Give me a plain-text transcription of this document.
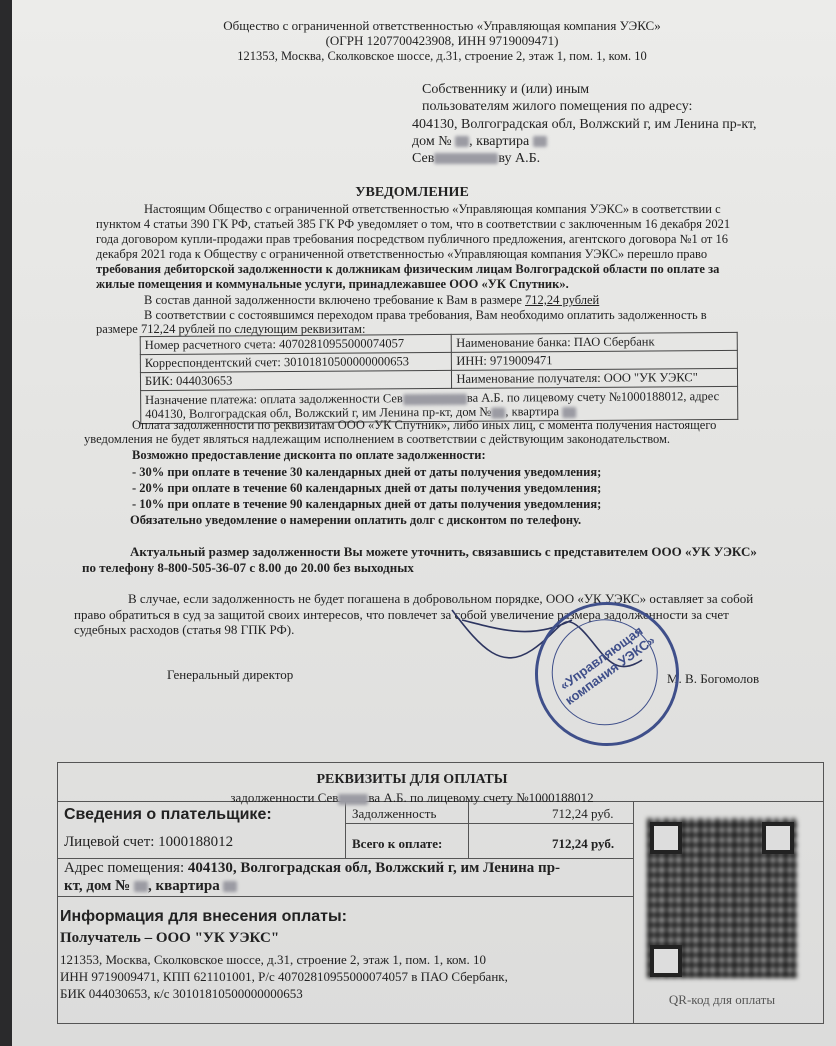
Общество с ограниченной ответственностью «Управляющая компания УЭКС»
(ОГРН 1207700423908, ИНН 9719009471)
121353, Москва, Сколковское шоссе, д.31, строение 2, этаж 1, пом. 1, ком. 10
Собственнику и (или) иным
пользователям жилого помещения по адресу:
404130, Волгоградская обл, Волжский г, им Ленина пр-кт,
дом № , квартира
Сев	ву А.Б.
УВЕДОМЛЕНИЕ
Настоящим Общество с ограниченной ответственностью «Управляющая компания УЭКС» в соответствии с
пунктом 4 статьи 390 ГК РФ, статьей 385 ГК РФ уведомляет о том, что в соответствии с заключенным 16 декабря 2021
года договором купли-продажи прав требования посредством публичного предложения, агентского договора №1 от 16
декабря 2021 года к Обществу с ограниченной ответственностью «Управляющая компания УЭКС» перешло право
требования дебиторской задолженности к должникам физическим лицам Волгоградской области по оплате за
жилые помещения и коммунальные услуги, принадлежавшее ООО «УК Спутник».
В состав данной задолженности включено требование к Вам в размере 712,24 рублей
В соответствии с состоявшимся переходом права требования, Вам необходимо оплатить задолженность в
размере 712,24 рублей по следующим реквизитам:
Номер расчетного счета: 40702810955000074057	Наименование банка: ПАО Сбербанк
Корреспондентский счет: 30101810500000000653	ИНН: 9719009471
БИК: 044030653	Наименование получателя: ООО "УК УЭКС"
Назначение платежа: оплата задолженности Сев ва А.Б. по лицевому счету №1000188012, адрес
404130, Волгоградская обл, Волжский г, им Ленина пр-кт, дом № , квартира	
Оплата задолженности по реквизитам ООО «УК Спутник», либо иных лиц, с момента получения настоящего
уведомления не будет являться надлежащим исполнением в соответствии с действующим законодательством.
Возможно предоставление дисконта по оплате задолженности:
- 30% при оплате в течение 30 календарных дней от даты получения уведомления;
- 20% при оплате в течение 60 календарных дней от даты получения уведомления;
- 10% при оплате в течение 90 календарных дней от даты получения уведомления;
Обязательно уведомление о намерении оплатить долг с дисконтом по телефону.
Актуальный размер задолженности Вы можете уточнить, связавшись с представителем ООО «УК УЭКС»
по телефону 8-800-505-36-07 с 8.00 до 20.00 без выходных
В случае, если задолженность не будет погашена в добровольном порядке, ООО «УК УЭКС» оставляет за собой
право обратиться в суд за защитой своих интересов, что повлечет за собой увеличение размера задолженности за счет
судебных расходов (статья 98 ГПК РФ).
Генеральный директор	М. В. Богомолов
«Управляющая компания УЭКС»
РЕКВИЗИТЫ ДЛЯ ОПЛАТЫ
задолженности Сев ва А.Б. по лицевому счету №1000188012
Сведения о плательщике:
Лицевой счет: 1000188012
Задолженность	712,24 руб.
Всего к оплате:	712,24 руб.
Адрес помещения: 404130, Волгоградская обл, Волжский г, им Ленина пр-
кт, дом № , квартира
Информация для внесения оплаты:
Получатель – ООО "УК УЭКС"
121353, Москва, Сколковское шоссе, д.31, строение 2, этаж 1, пом. 1, ком. 10
ИНН 9719009471, КПП 621101001, Р/с 40702810955000074057 в ПАО Сбербанк,
БИК 044030653, к/с 30101810500000000653	QR-код для оплаты
